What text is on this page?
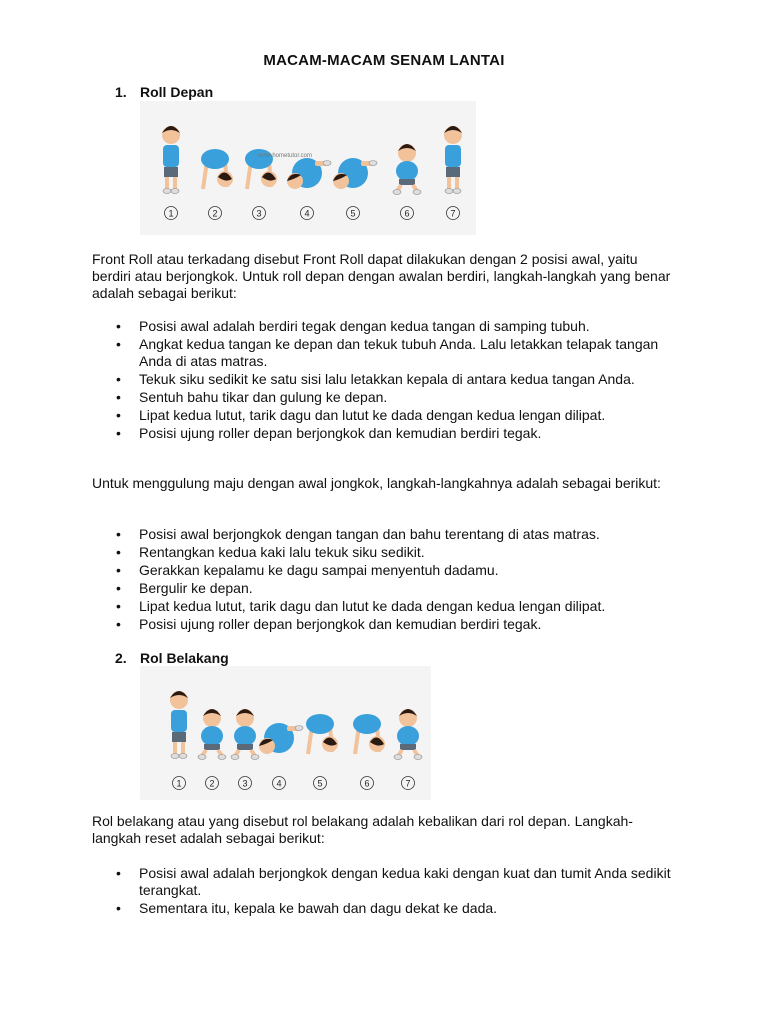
MACAM-MACAM SENAM LANTAI
1. Roll Depan
1	2	3	4	5	6	7
www.hometutor.com

Front Roll atau terkadang disebut Front Roll dapat dilakukan dengan 2 posisi awal, yaitu berdiri atau berjongkok. Untuk roll depan dengan awalan berdiri, langkah-langkah yang benar adalah sebagai berikut:

• Posisi awal adalah berdiri tegak dengan kedua tangan di samping tubuh.
• Angkat kedua tangan ke depan dan tekuk tubuh Anda. Lalu letakkan telapak tangan Anda di atas matras.
• Tekuk siku sedikit ke satu sisi lalu letakkan kepala di antara kedua tangan Anda.
• Sentuh bahu tikar dan gulung ke depan.
• Lipat kedua lutut, tarik dagu dan lutut ke dada dengan kedua lengan dilipat.
• Posisi ujung roller depan berjongkok dan kemudian berdiri tegak.

Untuk menggulung maju dengan awal jongkok, langkah-langkahnya adalah sebagai berikut:

• Posisi awal berjongkok dengan tangan dan bahu terentang di atas matras.
• Rentangkan kedua kaki lalu tekuk siku sedikit.
• Gerakkan kepalamu ke dagu sampai menyentuh dadamu.
• Bergulir ke depan.
• Lipat kedua lutut, tarik dagu dan lutut ke dada dengan kedua lengan dilipat.
• Posisi ujung roller depan berjongkok dan kemudian berdiri tegak.
2. Rol Belakang
1	2	3	4	5	6	7

Rol belakang atau yang disebut rol belakang adalah kebalikan dari rol depan. Langkah-langkah reset adalah sebagai berikut:

• Posisi awal adalah berjongkok dengan kedua kaki dengan kuat dan tumit Anda sedikit terangkat.
• Sementara itu, kepala ke bawah dan dagu dekat ke dada.
